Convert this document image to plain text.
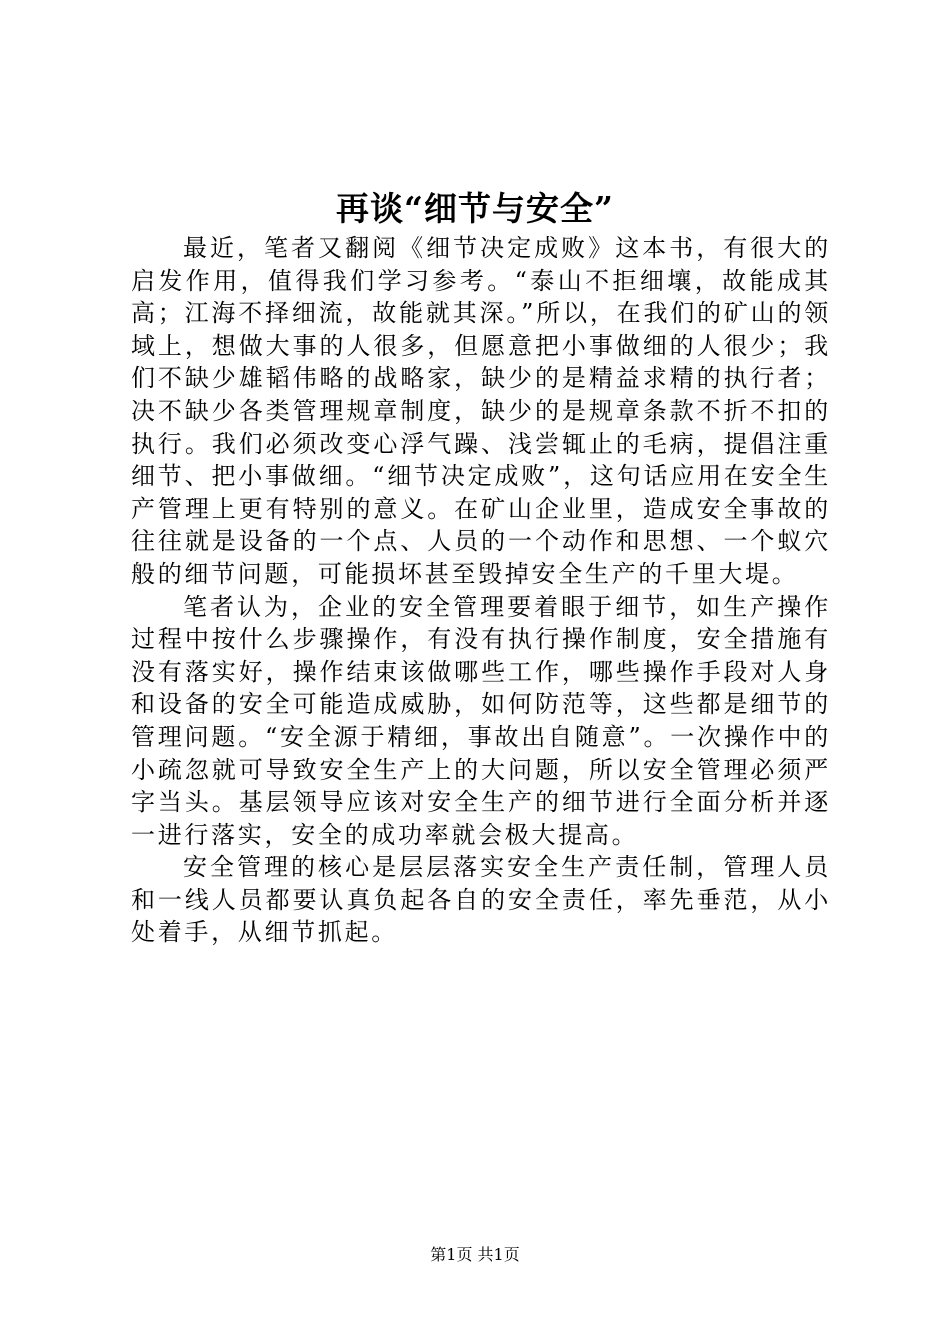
再谈“细节与安全”

最近，笔者又翻阅《细节决定成败》这本书，有很大的启发作用，值得我们学习参考。“泰山不拒细壤，故能成其高；江海不择细流，故能就其深。”所以，在我们的矿山的领域上，想做大事的人很多，但愿意把小事做细的人很少；我们不缺少雄韬伟略的战略家，缺少的是精益求精的执行者；决不缺少各类管理规章制度，缺少的是规章条款不折不扣的执行。我们必须改变心浮气躁、浅尝辄止的毛病，提倡注重细节、把小事做细。“细节决定成败”，这句话应用在安全生产管理上更有特别的意义。在矿山企业里，造成安全事故的往往就是设备的一个点、人员的一个动作和思想、一个蚁穴般的细节问题，可能损坏甚至毁掉安全生产的千里大堤。

笔者认为，企业的安全管理要着眼于细节，如生产操作过程中按什么步骤操作，有没有执行操作制度，安全措施有没有落实好，操作结束该做哪些工作，哪些操作手段对人身和设备的安全可能造成威胁，如何防范等，这些都是细节的管理问题。“安全源于精细，事故出自随意”。一次操作中的小疏忽就可导致安全生产上的大问题，所以安全管理必须严字当头。基层领导应该对安全生产的细节进行全面分析并逐一进行落实，安全的成功率就会极大提高。

安全管理的核心是层层落实安全生产责任制，管理人员和一线人员都要认真负起各自的安全责任，率先垂范，从小处着手，从细节抓起。

第1页 共1页
